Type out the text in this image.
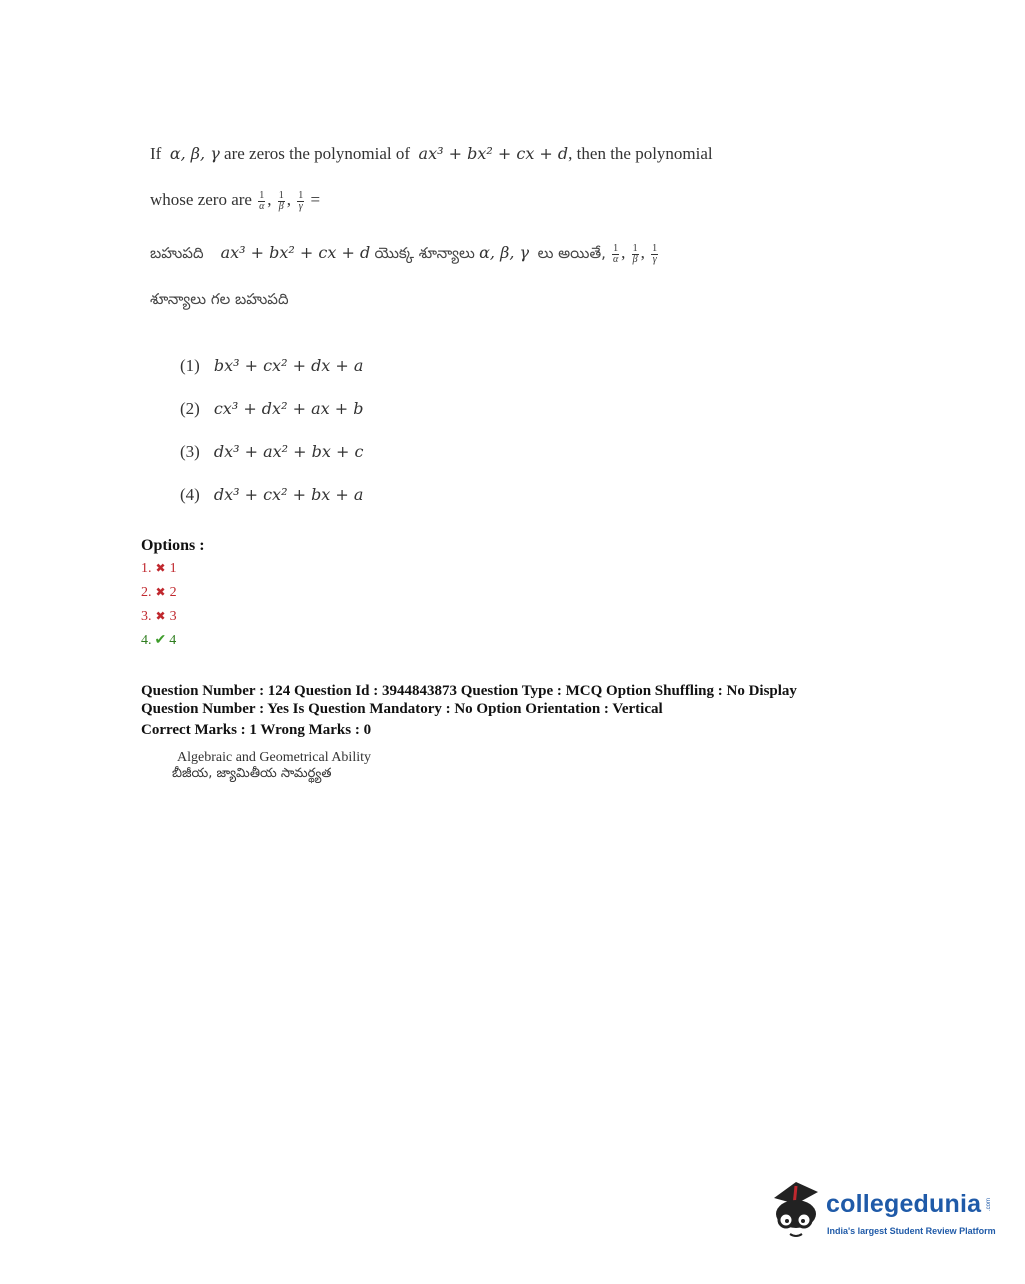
If α, β, γ are zeros the polynomial of ax³ + bx² + cx + d, then the polynomial
whose zero are $\frac{1}{\alpha}$ , $\frac{1}{\beta}$ , $\frac{1}{\gamma}$ =
బహుపది ax³ + bx² + cx + d యొక్క శూన్యాలు α, β, γ లు అయితే, $\frac{1}{\alpha}$ , $\frac{1}{\beta}$ , $\frac{1}{\gamma}$
శూన్యాలు గల బహుపది
(1) bx³ + cx² + dx + a
(2) cx³ + dx² + ax + b
(3) dx³ + ax² + bx + c
(4) dx³ + cx² + bx + a
Options :
1. ✖ 1
2. ✖ 2
3. ✖ 3
4. ✔ 4
Question Number : 124 Question Id : 3944843873 Question Type : MCQ Option Shuffling : No Display
Question Number : Yes Is Question Mandatory : No Option Orientation : Vertical
Correct Marks : 1 Wrong Marks : 0
Algebraic and Geometrical Ability
బీజీయ, జ్యామితీయ సామర్థ్యత
collegedunia .com
India's largest Student Review Platform
